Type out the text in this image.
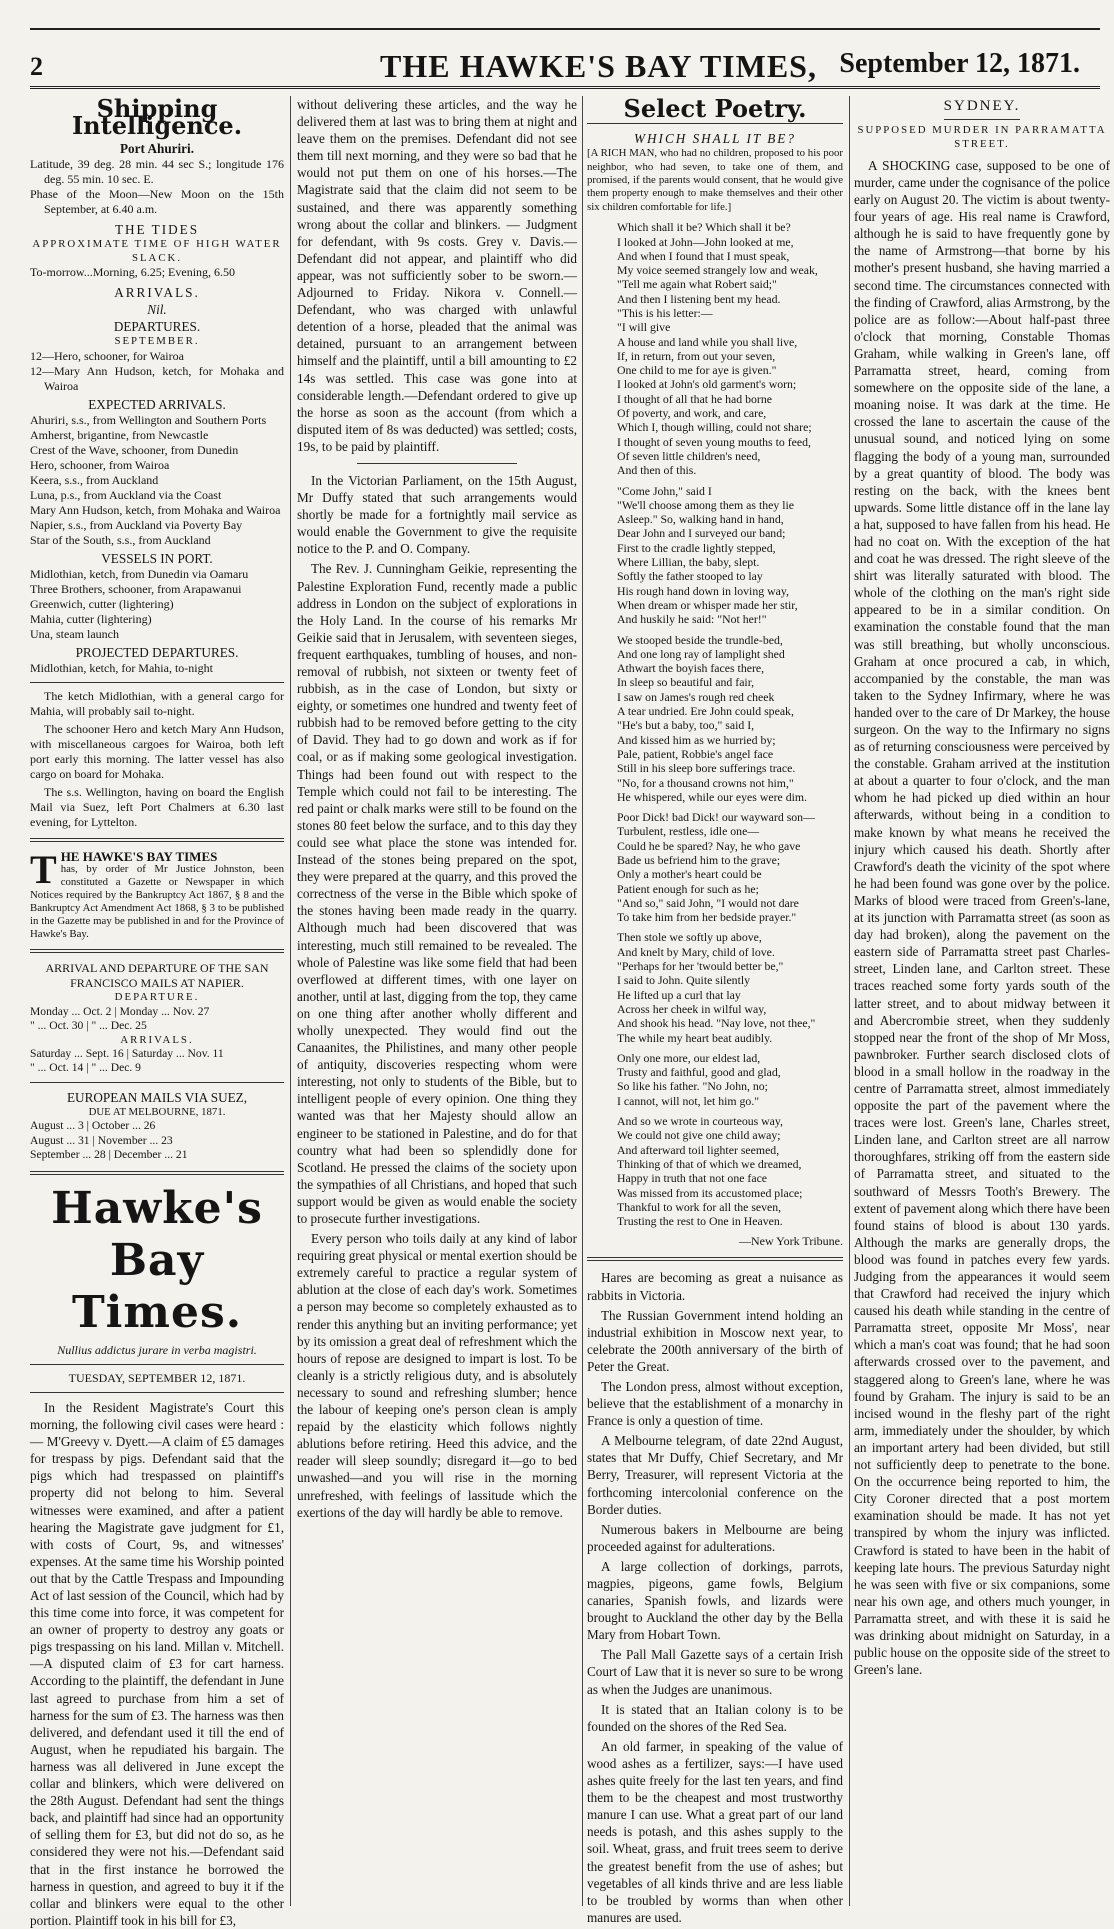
2	THE HAWKE'S BAY TIMES, September 12, 1871.
Shipping Intelligence.
Port Ahuriri.
Latitude, 39 deg. 28 min. 44 sec S.; longitude 176 deg. 55 min. 10 sec. E.
Phase of the Moon—New Moon on the 15th September, at 6.40 a.m.
THE TIDES
APPROXIMATE TIME OF HIGH WATER SLACK.
To-morrow...Morning, 6.25; Evening, 6.50
ARRIVALS.
Nil.
DEPARTURES.
SEPTEMBER.
12—Hero, schooner, for Wairoa
12—Mary Ann Hudson, ketch, for Mohaka and Wairoa
EXPECTED ARRIVALS.
Ahuriri, s.s., from Wellington and Southern Ports
Amherst, brigantine, from Newcastle
Crest of the Wave, schooner, from Dunedin
Hero, schooner, from Wairoa
Keera, s.s., from Auckland
Luna, p.s., from Auckland via the Coast
Mary Ann Hudson, ketch, from Mohaka and Wairoa
Napier, s.s., from Auckland via Poverty Bay
Star of the South, s.s., from Auckland
VESSELS IN PORT.
Midlothian, ketch, from Dunedin via Oamaru
Three Brothers, schooner, from Arapawanui
Greenwich, cutter (lightering)
Mahia, cutter (lightering)
Una, steam launch
PROJECTED DEPARTURES.
Midlothian, ketch, for Mahia, to-night

The ketch Midlothian, with a general cargo for Mahia, will probably sail to-night.

The schooner Hero and ketch Mary Ann Hudson, with miscellaneous cargoes for Wairoa, both left port early this morning. The latter vessel has also cargo on board for Mohaka.

The s.s. Wellington, having on board the English Mail via Suez, left Port Chalmers at 6.30 last evening, for Lyttelton.

T HE HAWKE'S BAY TIMES
has, by order of Mr Justice Johnston, been constituted a Gazette or Newspaper in which Notices required by the Bankruptcy Act 1867, § 8 and the Bankruptcy Act Amendment Act 1868, § 3 to be published in the Gazette may be published in and for the Province of Hawke's Bay.
ARRIVAL AND DEPARTURE OF THE SAN FRANCISCO MAILS AT NAPIER.
DEPARTURE.
Monday ... Oct. 2 | Monday ... Nov. 27
" ... Oct. 30 | " ... Dec. 25
ARRIVALS.
Saturday ... Sept. 16 | Saturday ... Nov. 11
" ... Oct. 14 | " ... Dec. 9
EUROPEAN MAILS VIA SUEZ,
DUE AT MELBOURNE, 1871.
August ... 3 | October ... 26
August ... 31 | November ... 23
September ... 28 | December ... 21
Hawke's Bay Times.
Nullius addictus jurare in verba magistri.
TUESDAY, SEPTEMBER 12, 1871.

In the Resident Magistrate's Court this morning, the following civil cases were heard :— M'Greevy v. Dyett.—A claim of £5 damages for trespass by pigs. Defendant said that the pigs which had trespassed on plaintiff's property did not belong to him. Several witnesses were examined, and after a patient hearing the Magistrate gave judgment for £1, with costs of Court, 9s, and witnesses' expenses. At the same time his Worship pointed out that by the Cattle Trespass and Impounding Act of last session of the Council, which had by this time come into force, it was competent for an owner of property to destroy any goats or pigs trespassing on his land. Millan v. Mitchell.—A disputed claim of £3 for cart harness. According to the plaintiff, the defendant in June last agreed to purchase from him a set of harness for the sum of £3. The harness was then delivered, and defendant used it till the end of August, when he repudiated his bargain. The harness was all delivered in June except the collar and blinkers, which were delivered on the 28th August. Defendant had sent the things back, and plaintiff had since had an opportunity of selling them for £3, but did not do so, as he considered they were not his.—Defendant said that in the first instance he borrowed the harness in question, and agreed to buy it if the collar and blinkers were equal to the other portion. Plaintiff took in his bill for £3,

without delivering these articles, and the way he delivered them at last was to bring them at night and leave them on the premises. Defendant did not see them till next morning, and they were so bad that he would not put them on one of his horses.—The Magistrate said that the claim did not seem to be sustained, and there was apparently something wrong about the collar and blinkers. — Judgment for defendant, with 9s costs. Grey v. Davis.—Defendant did not appear, and plaintiff who did appear, was not sufficiently sober to be sworn.—Adjourned to Friday. Nikora v. Connell.—Defendant, who was charged with unlawful detention of a horse, pleaded that the animal was detained, pursuant to an arrangement between himself and the plaintiff, until a bill amounting to £2 14s was settled. This case was gone into at considerable length.—Defendant ordered to give up the horse as soon as the account (from which a disputed item of 8s was deducted) was settled; costs, 19s, to be paid by plaintiff.

In the Victorian Parliament, on the 15th August, Mr Duffy stated that such arrangements would shortly be made for a fortnightly mail service as would enable the Government to give the requisite notice to the P. and O. Company.

The Rev. J. Cunningham Geikie, representing the Palestine Exploration Fund, recently made a public address in London on the subject of explorations in the Holy Land. In the course of his remarks Mr Geikie said that in Jerusalem, with seventeen sieges, frequent earthquakes, tumbling of houses, and non-removal of rubbish, not sixteen or twenty feet of rubbish, as in the case of London, but sixty or eighty, or sometimes one hundred and twenty feet of rubbish had to be removed before getting to the city of David. They had to go down and work as if for coal, or as if making some geological investigation. Things had been found out with respect to the Temple which could not fail to be interesting. The red paint or chalk marks were still to be found on the stones 80 feet below the surface, and to this day they could see what place the stone was intended for. Instead of the stones being prepared on the spot, they were prepared at the quarry, and this proved the correctness of the verse in the Bible which spoke of the stones having been made ready in the quarry. Although much had been discovered that was interesting, much still remained to be revealed. The whole of Palestine was like some field that had been overflowed at different times, with one layer on another, until at last, digging from the top, they came on one thing after another wholly different and wholly unexpected. They would find out the Canaanites, the Philistines, and many other people of antiquity, discoveries respecting whom were interesting, not only to students of the Bible, but to intelligent people of every opinion. One thing they wanted was that her Majesty should allow an engineer to be stationed in Palestine, and do for that country what had been so splendidly done for Scotland. He pressed the claims of the society upon the sympathies of all Christians, and hoped that such support would be given as would enable the society to prosecute further investigations.

Every person who toils daily at any kind of labor requiring great physical or mental exertion should be extremely careful to practice a regular system of ablution at the close of each day's work. Sometimes a person may become so completely exhausted as to render this anything but an inviting performance; yet by its omission a great deal of refreshment which the hours of repose are designed to impart is lost. To be cleanly is a strictly religious duty, and is absolutely necessary to sound and refreshing slumber; hence the labour of keeping one's person clean is amply repaid by the elasticity which follows nightly ablutions before retiring. Heed this advice, and the reader will sleep soundly; disregard it—go to bed unwashed—and you will rise in the morning unrefreshed, with feelings of lassitude which the exertions of the day will hardly be able to remove.

Select Poetry.
WHICH SHALL IT BE?
[A RICH MAN, who had no children, proposed to his poor neighbor, who had seven, to take one of them, and promised, if the parents would consent, that he would give them property enough to make themselves and their other six children comfortable for life.]
Which shall it be? Which shall it be?
I looked at John—John looked at me,
And when I found that I must speak,
My voice seemed strangely low and weak,
"Tell me again what Robert said;"
And then I listening bent my head.
"This is his letter:—
"I will give
A house and land while you shall live,
If, in return, from out your seven,
One child to me for aye is given."
I looked at John's old garment's worn;
I thought of all that he had borne
Of poverty, and work, and care,
Which I, though willing, could not share;
I thought of seven young mouths to feed,
Of seven little children's need,
And then of this.
"Come John," said I
"We'll choose among them as they lie
Asleep." So, walking hand in hand,
Dear John and I surveyed our band;
First to the cradle lightly stepped,
Where Lillian, the baby, slept.
Softly the father stooped to lay
His rough hand down in loving way,
When dream or whisper made her stir,
And huskily he said: "Not her!"
We stooped beside the trundle-bed,
And one long ray of lamplight shed
Athwart the boyish faces there,
In sleep so beautiful and fair,
I saw on James's rough red cheek
A tear undried. Ere John could speak,
"He's but a baby, too," said I,
And kissed him as we hurried by;
Pale, patient, Robbie's angel face
Still in his sleep bore sufferings trace.
"No, for a thousand crowns not him,"
He whispered, while our eyes were dim.
Poor Dick! bad Dick! our wayward son—
Turbulent, restless, idle one—
Could he be spared? Nay, he who gave
Bade us befriend him to the grave;
Only a mother's heart could be
Patient enough for such as he;
"And so," said John, "I would not dare
To take him from her bedside prayer."
Then stole we softly up above,
And knelt by Mary, child of love.
"Perhaps for her 'twould better be,"
I said to John. Quite silently
He lifted up a curl that lay
Across her cheek in wilful way,
And shook his head. "Nay love, not thee,"
The while my heart beat audibly.
Only one more, our eldest lad,
Trusty and faithful, good and glad,
So like his father. "No John, no;
I cannot, will not, let him go."
And so we wrote in courteous way,
We could not give one child away;
And afterward toil lighter seemed,
Thinking of that of which we dreamed,
Happy in truth that not one face
Was missed from its accustomed place;
Thankful to work for all the seven,
Trusting the rest to One in Heaven.
—New York Tribune.

Hares are becoming as great a nuisance as rabbits in Victoria.

The Russian Government intend holding an industrial exhibition in Moscow next year, to celebrate the 200th anniversary of the birth of Peter the Great.

The London press, almost without exception, believe that the establishment of a monarchy in France is only a question of time.

A Melbourne telegram, of date 22nd August, states that Mr Duffy, Chief Secretary, and Mr Berry, Treasurer, will represent Victoria at the forthcoming intercolonial conference on the Border duties.

Numerous bakers in Melbourne are being proceeded against for adulterations.

A large collection of dorkings, parrots, magpies, pigeons, game fowls, Belgium canaries, Spanish fowls, and lizards were brought to Auckland the other day by the Bella Mary from Hobart Town.

The Pall Mall Gazette says of a certain Irish Court of Law that it is never so sure to be wrong as when the Judges are unanimous.

It is stated that an Italian colony is to be founded on the shores of the Red Sea.

An old farmer, in speaking of the value of wood ashes as a fertilizer, says:—I have used ashes quite freely for the last ten years, and find them to be the cheapest and most trustworthy manure I can use. What a great part of our land needs is potash, and this ashes supply to the soil. Wheat, grass, and fruit trees seem to derive the greatest benefit from the use of ashes; but vegetables of all kinds thrive and are less liable to be troubled by worms than when other manures are used.

SYDNEY.
SUPPOSED MURDER IN PARRAMATTA STREET.

A SHOCKING case, supposed to be one of murder, came under the cognisance of the police early on August 20. The victim is about twenty-four years of age. His real name is Crawford, although he is said to have frequently gone by the name of Armstrong—that borne by his mother's present husband, she having married a second time. The circumstances connected with the finding of Crawford, alias Armstrong, by the police are as follow:—About half-past three o'clock that morning, Constable Thomas Graham, while walking in Green's lane, off Parramatta street, heard, coming from somewhere on the opposite side of the lane, a moaning noise. It was dark at the time. He crossed the lane to ascertain the cause of the unusual sound, and noticed lying on some flagging the body of a young man, surrounded by a great quantity of blood. The body was resting on the back, with the knees bent upwards. Some little distance off in the lane lay a hat, supposed to have fallen from his head. He had no coat on. With the exception of the hat and coat he was dressed. The right sleeve of the shirt was literally saturated with blood. The whole of the clothing on the man's right side appeared to be in a similar condition. On examination the constable found that the man was still breathing, but wholly unconscious. Graham at once procured a cab, in which, accompanied by the constable, the man was taken to the Sydney Infirmary, where he was handed over to the care of Dr Markey, the house surgeon. On the way to the Infirmary no signs as of returning consciousness were perceived by the constable. Graham arrived at the institution at about a quarter to four o'clock, and the man whom he had picked up died within an hour afterwards, without being in a condition to make known by what means he received the injury which caused his death. Shortly after Crawford's death the vicinity of the spot where he had been found was gone over by the police. Marks of blood were traced from Green's-lane, at its junction with Parramatta street (as soon as day had broken), along the pavement on the eastern side of Parramatta street past Charles-street, Linden lane, and Carlton street. These traces reached some forty yards south of the latter street, and to about midway between it and Abercrombie street, when they suddenly stopped near the front of the shop of Mr Moss, pawnbroker. Further search disclosed clots of blood in a small hollow in the roadway in the centre of Parramatta street, almost immediately opposite the part of the pavement where the traces were lost. Green's lane, Charles street, Linden lane, and Carlton street are all narrow thoroughfares, striking off from the eastern side of Parramatta street, and situated to the southward of Messrs Tooth's Brewery. The extent of pavement along which there have been found stains of blood is about 130 yards. Although the marks are generally drops, the blood was found in patches every few yards. Judging from the appearances it would seem that Crawford had received the injury which caused his death while standing in the centre of Parramatta street, opposite Mr Moss', near which a man's coat was found; that he had soon afterwards crossed over to the pavement, and staggered along to Green's lane, where he was found by Graham. The injury is said to be an incised wound in the fleshy part of the right arm, immediately under the shoulder, by which an important artery had been divided, but still not sufficiently deep to penetrate to the bone. On the occurrence being reported to him, the City Coroner directed that a post mortem examination should be made. It has not yet transpired by whom the injury was inflicted. Crawford is stated to have been in the habit of keeping late hours. The previous Saturday night he was seen with five or six companions, some near his own age, and others much younger, in Parramatta street, and with these it is said he was drinking about midnight on Saturday, in a public house on the opposite side of the street to Green's lane.
